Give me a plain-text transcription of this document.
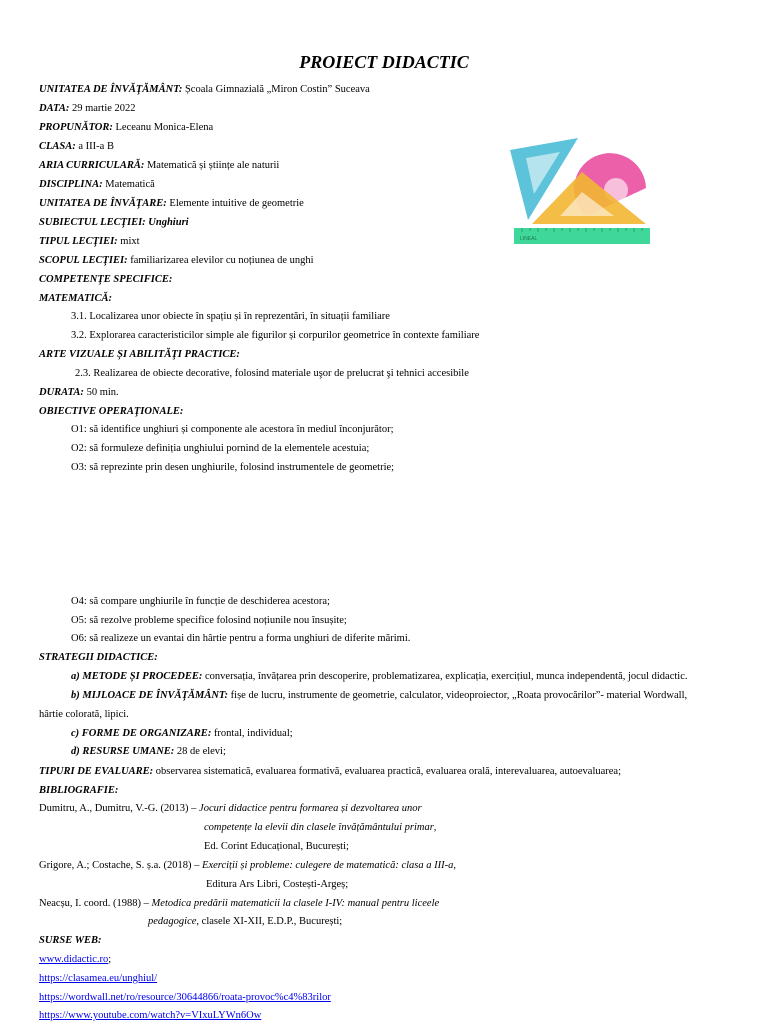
PROIECT DIDACTIC
UNITATEA DE ÎNVĂŢĂMÂNT: Școala Gimnazială „Miron Costin” Suceava
DATA: 29 martie 2022
PROPUNĂTOR: Leceanu Monica-Elena
CLASA: a III-a B
ARIA CURRICULARĂ: Matematică și științe ale naturii
DISCIPLINA: Matematică
UNITATEA DE ÎNVĂŢARE: Elemente intuitive de geometrie
SUBIECTUL LECŢIEI: Unghiuri
TIPUL LECŢIEI: mixt
SCOPUL LECŢIEI: familiarizarea elevilor cu noțiunea de unghi
COMPETENŢE SPECIFICE:
MATEMATICĂ:
3.1. Localizarea unor obiecte în spațiu și în reprezentări, în situații familiare
3.2. Explorarea caracteristicilor simple ale figurilor și corpurilor geometrice în contexte familiare
ARTE VIZUALE ȘI ABILITĂŢI PRACTICE:
2.3. Realizarea de obiecte decorative, folosind materiale uşor de prelucrat şi tehnici accesibile
DURATA: 50 min.
OBIECTIVE OPERAŢIONALE:
O1: să identifice unghiuri și componente ale acestora în mediul înconjurător;
O2: să formuleze definiția unghiului pornind de la elementele acestuia;
O3: să reprezinte prin desen unghiurile, folosind instrumentele de geometrie;
O4: să compare unghiurile în funcție de deschiderea acestora;
O5: să rezolve probleme specifice folosind noțiunile nou însușite;
O6: să realizeze un evantai din hârtie pentru a forma unghiuri de diferite mărimi.
STRATEGII DIDACTICE:
a) METODE ȘI PROCEDEE: conversația, învățarea prin descoperire, problematizarea, explicația, exercițiul, munca independentă, jocul didactic.
b) MIJLOACE DE ÎNVĂŢĂMÂNT: fișe de lucru, instrumente de geometrie, calculator, videoproiector, „Roata provocărilor”- material Wordwall,
hârtie colorată, lipici.
c) FORME DE ORGANIZARE: frontal, individual;
d) RESURSE UMANE: 28 de elevi;
TIPURI DE EVALUARE: observarea sistematică, evaluarea formativă, evaluarea practică, evaluarea orală, interevaluarea, autoevaluarea;
BIBLIOGRAFIE:
Dumitru, A., Dumitru, V.-G. (2013) – Jocuri didactice pentru formarea și dezvoltarea unor
competențe la elevii din clasele învățământului primar,
Ed. Corint Educațional, București;
Grigore, A.; Costache, S. ș.a. (2018) – Exerciții și probleme: culegere de matematică: clasa a III-a,
Editura Ars Libri, Costești-Argeș;
Neacșu, I. coord. (1988) – Metodica predării matematicii la clasele I-IV: manual pentru liceele
pedagogice, clasele XI-XII, E.D.P., București;
SURSE WEB:
www.didactic.ro;
https://clasamea.eu/unghiul/
https://wordwall.net/ro/resource/30644866/roata-provoc%c4%83rilor
https://www.youtube.com/watch?v=VIxuLYWn6Ow
LINEAL
